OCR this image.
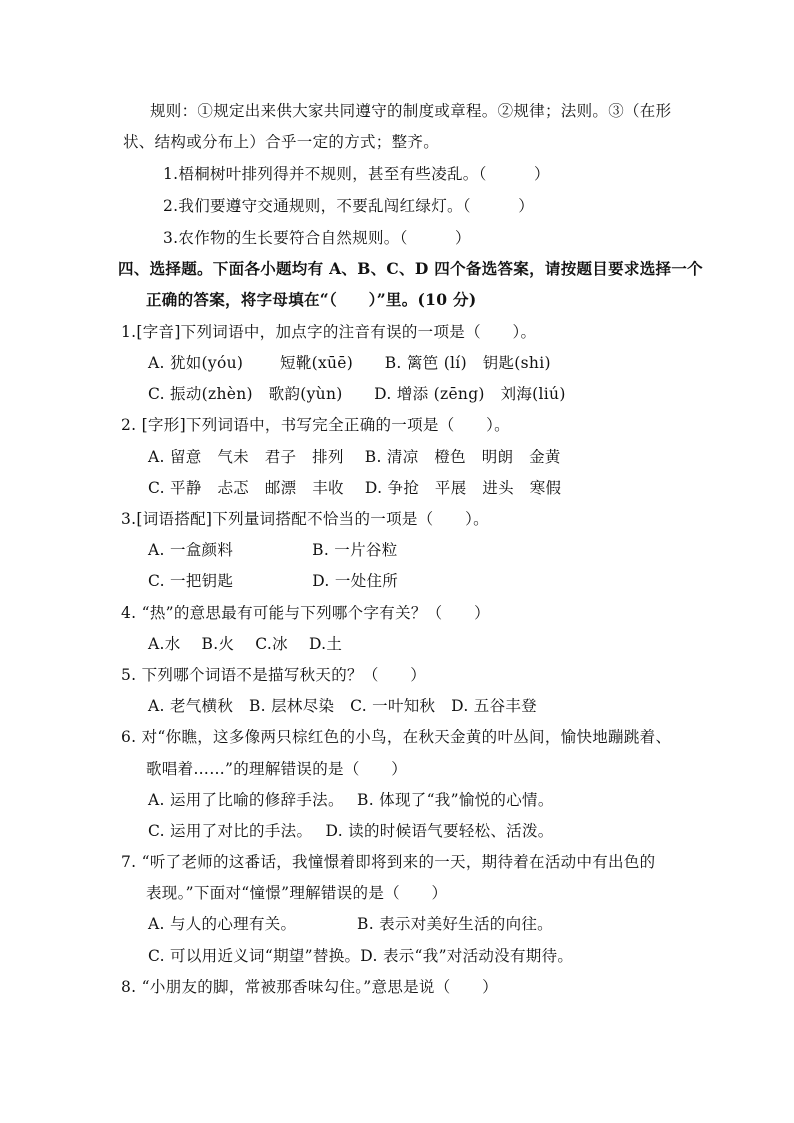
规则：①规定出来供大家共同遵守的制度或章程。②规律；法则。③（在形
状、结构或分布上）合乎一定的方式；整齐。
1.梧桐树叶排列得并不规则，甚至有些凌乱。（　　　）
2.我们要遵守交通规则，不要乱闯红绿灯。（　　　）
3.农作物的生长要符合自然规则。（　　　）
四、选择题。下面各小题均有 A、B、C、D 四个备选答案，请按题目要求选择一个
正确的答案，将字母填在“（　　）”里。(10 分)
1.[字音]下列词语中，加点字的注音有误的一项是（　　）。
A. 犹如(yóu)　　 短靴(xūē)　　B. 篱笆 (lí)　钥匙(shi)
C. 振动(zhèn)　歌韵(yùn)　　D. 增添 (zēng)　刘海(liú)
2. [字形]下列词语中，书写完全正确的一项是（　　）。
A. 留意　气未　君子　排列　 B. 清凉　橙色　明朗　金黄
C. 平静　忐忑　邮漂　丰收　 D. 争抢　平展　进头　寒假
3.[词语搭配]下列量词搭配不恰当的一项是（　　）。
A. 一盒颜料　　　　　B. 一片谷粒
C. 一把钥匙　　　　　D. 一处住所
4. “热”的意思最有可能与下列哪个字有关？（　　）
A.水　 B.火　 C.冰　 D.土
5. 下列哪个词语不是描写秋天的？（　　）
A. 老气横秋　B. 层林尽染　C. 一叶知秋　D. 五谷丰登
6. 对“你瞧，这多像两只棕红色的小鸟，在秋天金黄的叶丛间，愉快地蹦跳着、
歌唱着……”的理解错误的是（　　）
A. 运用了比喻的修辞手法。　 B. 体现了“我”愉悦的心情。
C. 运用了对比的手法。　 D. 读的时候语气要轻松、活泼。
7. “听了老师的这番话，我憧憬着即将到来的一天，期待着在活动中有出色的
表现。”下面对“憧憬”理解错误的是（　　）
A. 与人的心理有关。　　　　 B. 表示对美好生活的向往。
C. 可以用近义词“期望”替换。D. 表示“我”对活动没有期待。
8. “小朋友的脚，常被那香味勾住。”意思是说（　　）
